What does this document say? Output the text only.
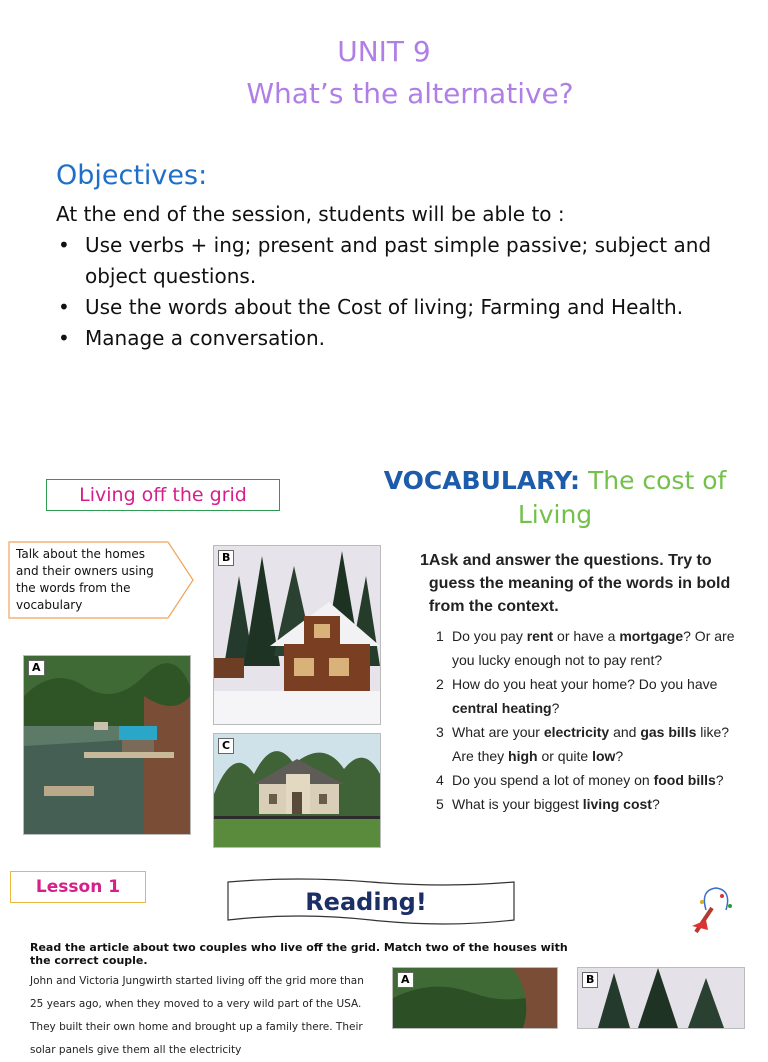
UNIT 9
What’s the alternative?
Objectives:
At the end of the session, students will be able to :
• Use verbs + ing; present and past simple passive; subject and object questions.
• Use the words about the Cost of living; Farming and Health.
• Manage a conversation.
Living off the grid	VOCABULARY: The cost of Living
Talk about the homes and their owners using the words from the vocabulary
A
B
C
1 Ask and answer the questions. Try to guess the meaning of the words in bold from the context.
1 Do you pay rent or have a mortgage? Or are you lucky enough not to pay rent?
2 How do you heat your home? Do you have central heating?
3 What are your electricity and gas bills like? Are they high or quite low?
4 Do you spend a lot of money on food bills?
5 What is your biggest living cost?
Lesson 1
Reading!
Read the article about two couples who live off the grid. Match two of the houses with the correct couple.
John and Victoria Jungwirth started living off the grid more than 25 years ago, when they moved to a very wild part of the USA. They built their own home and brought up a family there. Their solar panels give them all the electricity
A	B
